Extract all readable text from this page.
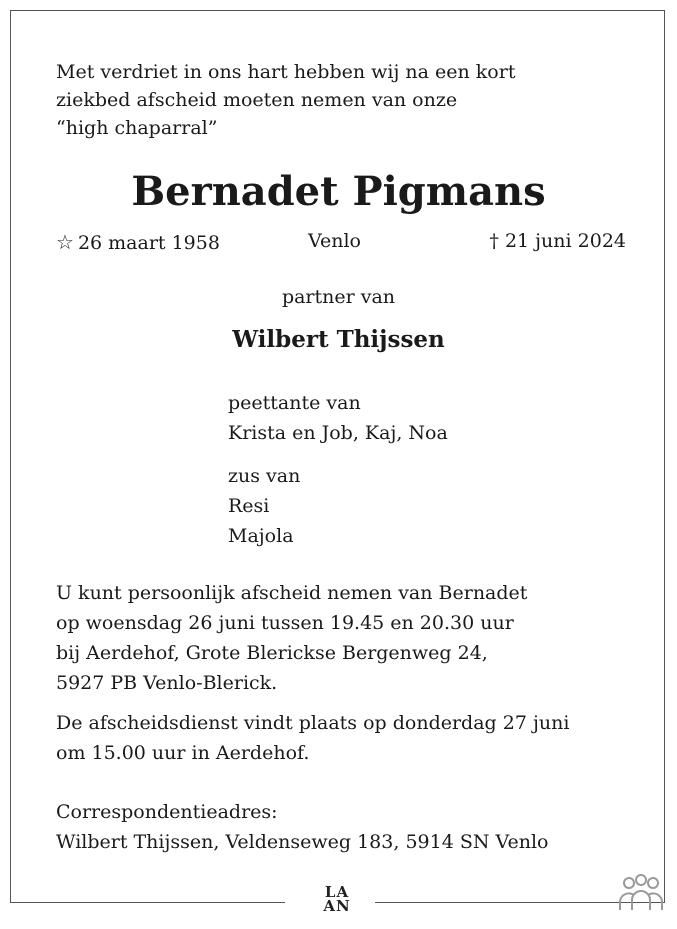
Met verdriet in ons hart hebben wij na een kort
ziekbed afscheid moeten nemen van onze
“high chaparral”
Bernadet Pigmans
☆ 26 maart 1958	Venlo	† 21 juni 2024
partner van
Wilbert Thijssen
peettante van
Krista en Job, Kaj, Noa
zus van
Resi
Majola
U kunt persoonlijk afscheid nemen van Bernadet
op woensdag 26 juni tussen 19.45 en 20.30 uur
bij Aerdehof, Grote Blerickse Bergenweg 24,
5927 PB Venlo-Blerick.
De afscheidsdienst vindt plaats op donderdag 27 juni
om 15.00 uur in Aerdehof.
Correspondentieadres:
Wilbert Thijssen, Veldenseweg 183, 5914 SN Venlo
LA
AN
